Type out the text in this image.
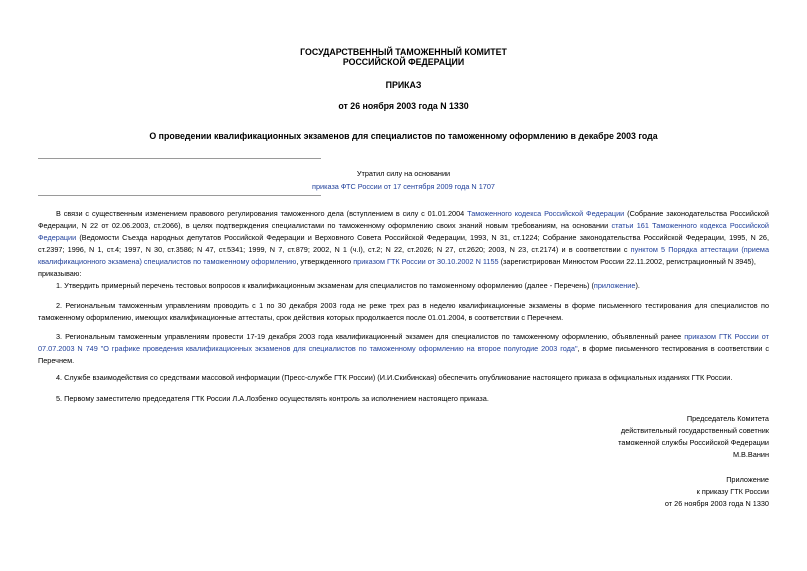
ГОСУДАРСТВЕННЫЙ ТАМОЖЕННЫЙ КОМИТЕТ
РОССИЙСКОЙ ФЕДЕРАЦИИ
ПРИКАЗ
от 26 ноября 2003 года N 1330
О проведении квалификационных экзаменов для специалистов по таможенному оформлению в декабре 2003 года
Утратил силу на основании
приказа ФТС России от 17 сентября 2009 года N 1707

В связи с существенным изменением правового регулирования таможенного дела (вступлением в силу с 01.01.2004 Таможенного кодекса Российской Федерации (Собрание законодательства Российской Федерации, N 22 от 02.06.2003, ст.2066), в целях подтверждения специалистами по таможенному оформлению своих знаний новым требованиям, на основании статьи 161 Таможенного кодекса Российской Федерации (Ведомости Съезда народных депутатов Российской Федерации и Верховного Совета Российской Федерации, 1993, N 31, ст.1224; Собрание законодательства Российской Федерации, 1995, N 26, ст.2397; 1996, N 1, ст.4; 1997, N 30, ст.3586; N 47, ст.5341; 1999, N 7, ст.879; 2002, N 1 (ч.I), ст.2; N 22, ст.2026; N 27, ст.2620; 2003, N 23, ст.2174) и в соответствии с пунктом 5 Порядка аттестации (приема квалификационного экзамена) специалистов по таможенному оформлению, утвержденного приказом ГТК России от 30.10.2002 N 1155 (зарегистрирован Минюстом России 22.11.2002, регистрационный N 3945),

приказываю:

1. Утвердить примерный перечень тестовых вопросов к квалификационным экзаменам для специалистов по таможенному оформлению (далее - Перечень) (приложение).

2. Региональным таможенным управлениям проводить с 1 по 30 декабря 2003 года не реже трех раз в неделю квалификационные экзамены в форме письменного тестирования для специалистов по таможенному оформлению, имеющих квалификационные аттестаты, срок действия которых продолжается после 01.01.2004, в соответствии с Перечнем.

3. Региональным таможенным управлениям провести 17-19 декабря 2003 года квалификационный экзамен для специалистов по таможенному оформлению, объявленный ранее приказом ГТК России от 07.07.2003 N 749 "О графике проведения квалификационных экзаменов для специалистов по таможенному оформлению на второе полугодие 2003 года", в форме письменного тестирования в соответствии с Перечнем.

4. Службе взаимодействия со средствами массовой информации (Пресс-службе ГТК России) (И.И.Скибинская) обеспечить опубликование настоящего приказа в официальных изданиях ГТК России.

5. Первому заместителю председателя ГТК России Л.А.Лозбенко осуществлять контроль за исполнением настоящего приказа.

Председатель Комитета
действительный государственный советник
таможенной службы Российской Федерации
М.В.Ванин
Приложение
к приказу ГТК России
от 26 ноября 2003 года N 1330
